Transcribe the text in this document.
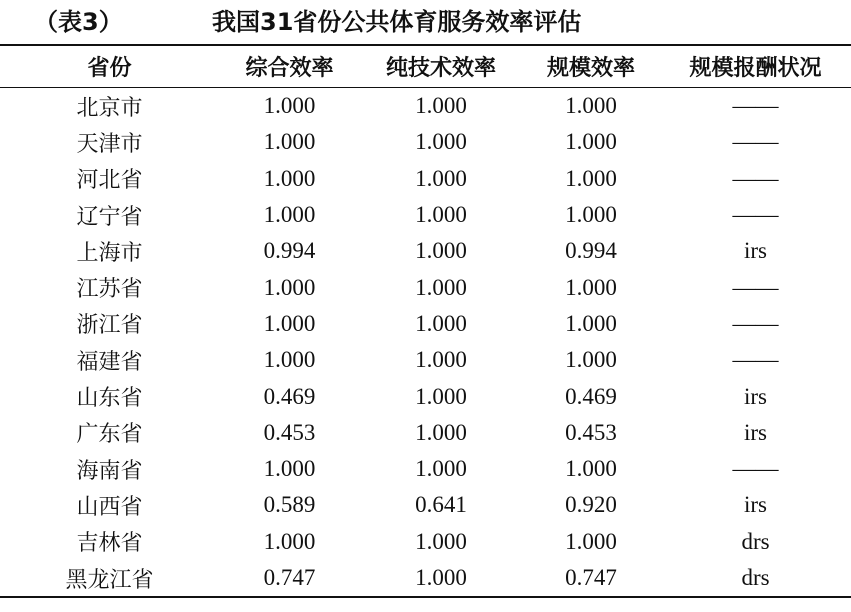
（表3）	我国31省份公共体育服务效率评估
省份	综合效率	纯技术效率	规模效率	规模报酬状况
北京市	1.000	1.000	1.000	——
天津市	1.000	1.000	1.000	——
河北省	1.000	1.000	1.000	——
辽宁省	1.000	1.000	1.000	——
上海市	0.994	1.000	0.994	irs
江苏省	1.000	1.000	1.000	——
浙江省	1.000	1.000	1.000	——
福建省	1.000	1.000	1.000	——
山东省	0.469	1.000	0.469	irs
广东省	0.453	1.000	0.453	irs
海南省	1.000	1.000	1.000	——
山西省	0.589	0.641	0.920	irs
吉林省	1.000	1.000	1.000	drs
黑龙江省	0.747	1.000	0.747	drs
